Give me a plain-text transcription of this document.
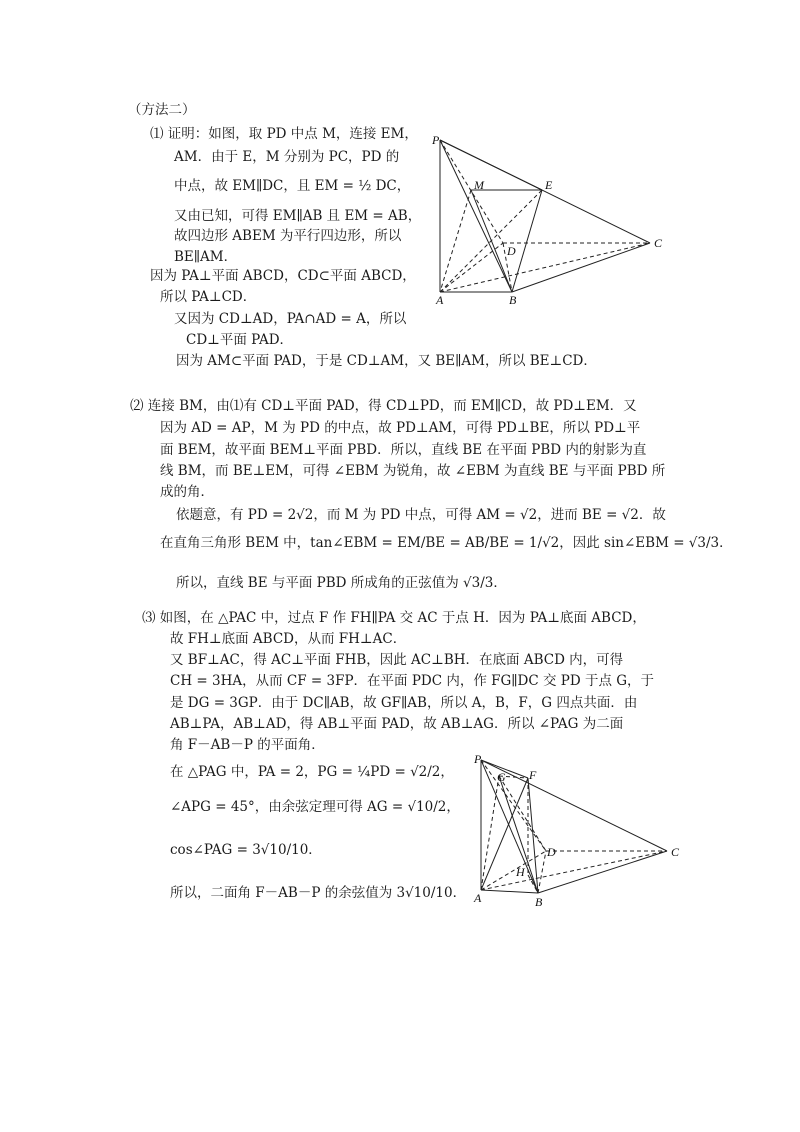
（方法二）
⑴ 证明：如图，取 PD 中点 M，连接 EM，
AM．由于 E，M 分别为 PC，PD 的
中点，故 EM∥DC，且 EM = ½ DC，
又由已知，可得 EM∥AB 且 EM = AB，
故四边形 ABEM 为平行四边形，所以
BE∥AM．
因为 PA⊥平面 ABCD，CD⊂平面 ABCD，
所以 PA⊥CD．
又因为 CD⊥AD，PA∩AD = A，所以
CD⊥平面 PAD．
因为 AM⊂平面 PAD，于是 CD⊥AM，又 BE∥AM，所以 BE⊥CD．
P
M	E
D
C
A	B
⑵ 连接 BM，由⑴有 CD⊥平面 PAD，得 CD⊥PD，而 EM∥CD，故 PD⊥EM．又
因为 AD = AP，M 为 PD 的中点，故 PD⊥AM，可得 PD⊥BE，所以 PD⊥平
面 BEM，故平面 BEM⊥平面 PBD．所以，直线 BE 在平面 PBD 内的射影为直
线 BM，而 BE⊥EM，可得 ∠EBM 为锐角，故 ∠EBM 为直线 BE 与平面 PBD 所
成的角．
依题意，有 PD = 2√2，而 M 为 PD 中点，可得 AM = √2，进而 BE = √2．故
在直角三角形 BEM 中，tan∠EBM = EM/BE = AB/BE = 1/√2，因此 sin∠EBM = √3/3．
所以，直线 BE 与平面 PBD 所成角的正弦值为 √3/3．
⑶ 如图，在 △PAC 中，过点 F 作 FH∥PA 交 AC 于点 H．因为 PA⊥底面 ABCD，
故 FH⊥底面 ABCD，从而 FH⊥AC．
又 BF⊥AC，得 AC⊥平面 FHB，因此 AC⊥BH．在底面 ABCD 内，可得
CH = 3HA，从而 CF = 3FP．在平面 PDC 内，作 FG∥DC 交 PD 于点 G，于
是 DG = 3GP．由于 DC∥AB，故 GF∥AB，所以 A，B，F，G 四点共面．由
AB⊥PA，AB⊥AD，得 AB⊥平面 PAD，故 AB⊥AG．所以 ∠PAG 为二面
角 F－AB－P 的平面角．
在 △PAG 中，PA = 2，PG = ¼PD = √2/2，
∠APG = 45°，由余弦定理可得 AG = √10/2，
cos∠PAG = 3√10/10．
所以，二面角 F－AB－P 的余弦值为 3√10/10．
P
G F
D	C
H
A	B
